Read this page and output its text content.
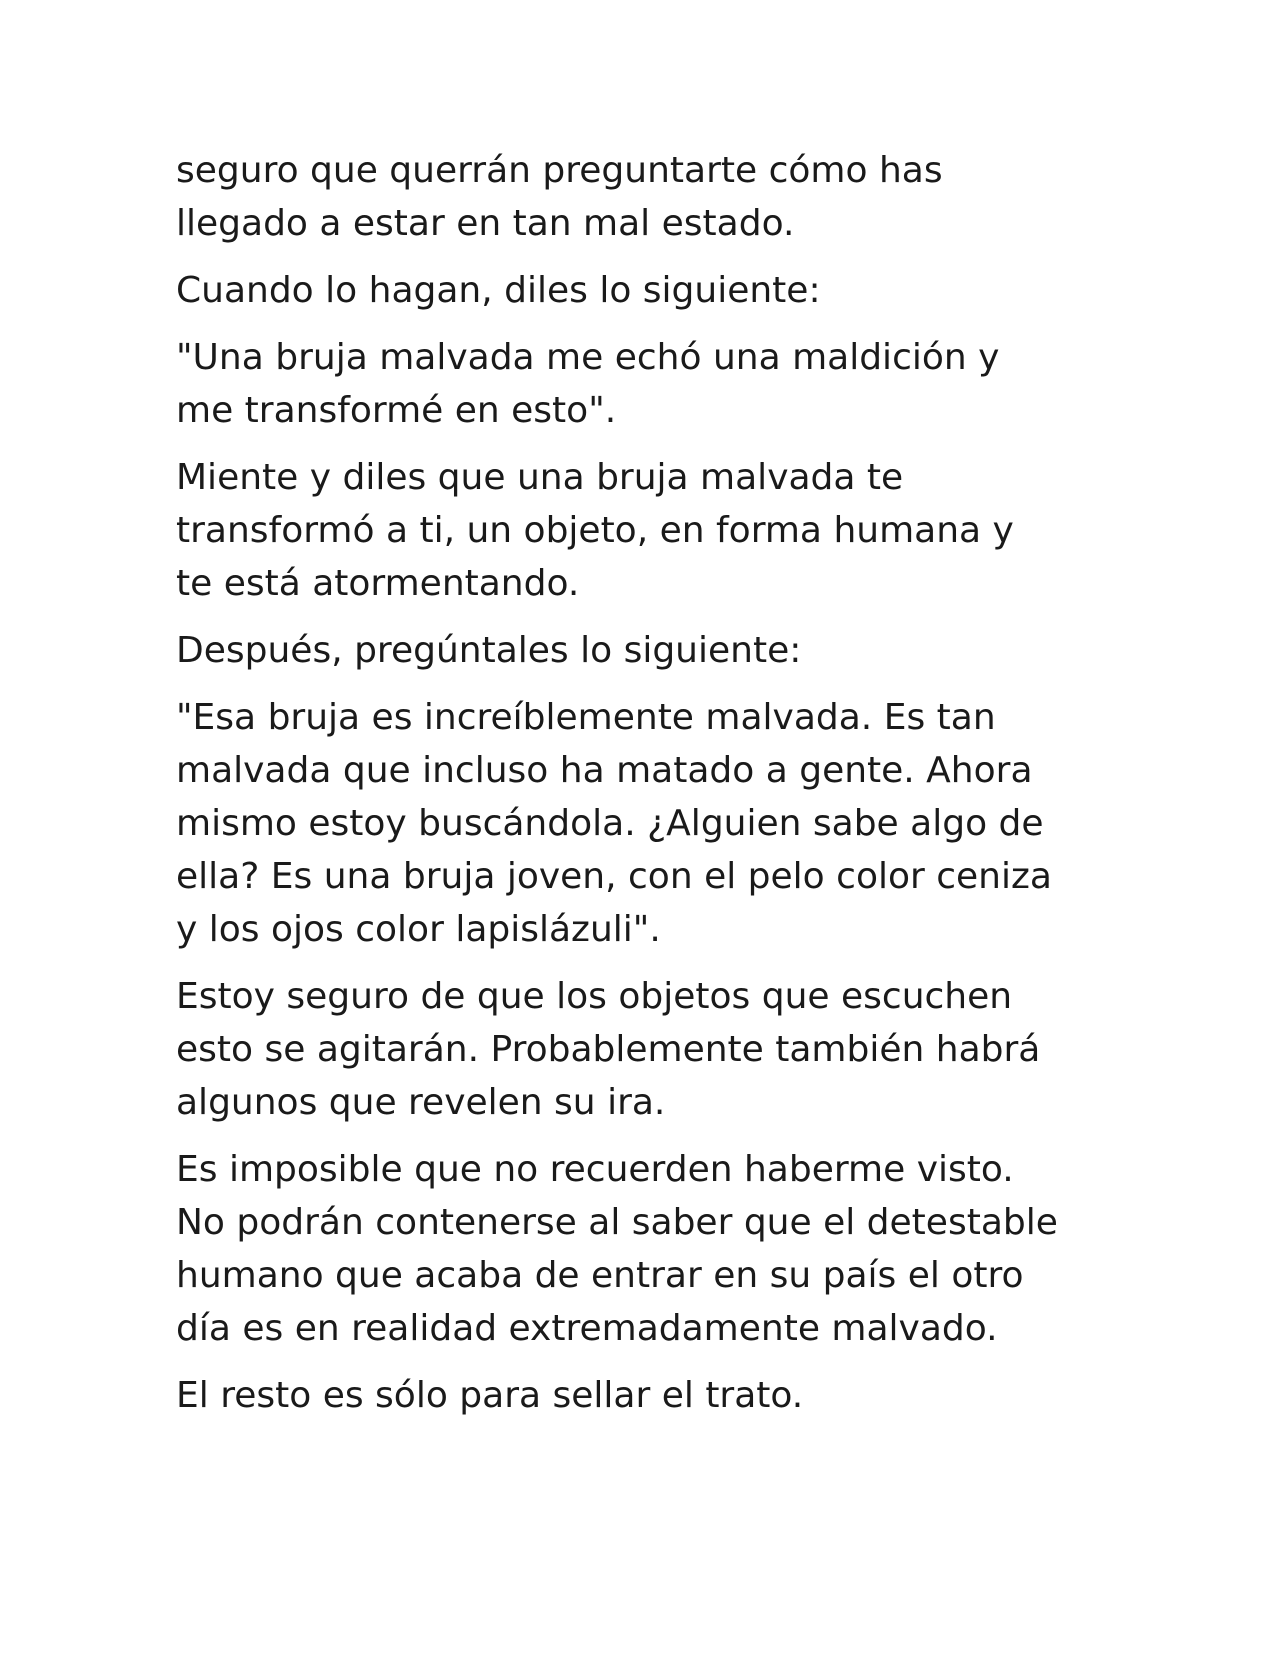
seguro que querrán preguntarte cómo has
llegado a estar en tan mal estado.

Cuando lo hagan, diles lo siguiente:

"Una bruja malvada me echó una maldición y
me transformé en esto".

Miente y diles que una bruja malvada te
transformó a ti, un objeto, en forma humana y
te está atormentando.

Después, pregúntales lo siguiente:

"Esa bruja es increíblemente malvada. Es tan
malvada que incluso ha matado a gente. Ahora
mismo estoy buscándola. ¿Alguien sabe algo de
ella? Es una bruja joven, con el pelo color ceniza
y los ojos color lapislázuli".

Estoy seguro de que los objetos que escuchen
esto se agitarán. Probablemente también habrá
algunos que revelen su ira.

Es imposible que no recuerden haberme visto.
No podrán contenerse al saber que el detestable
humano que acaba de entrar en su país el otro
día es en realidad extremadamente malvado.

El resto es sólo para sellar el trato.
